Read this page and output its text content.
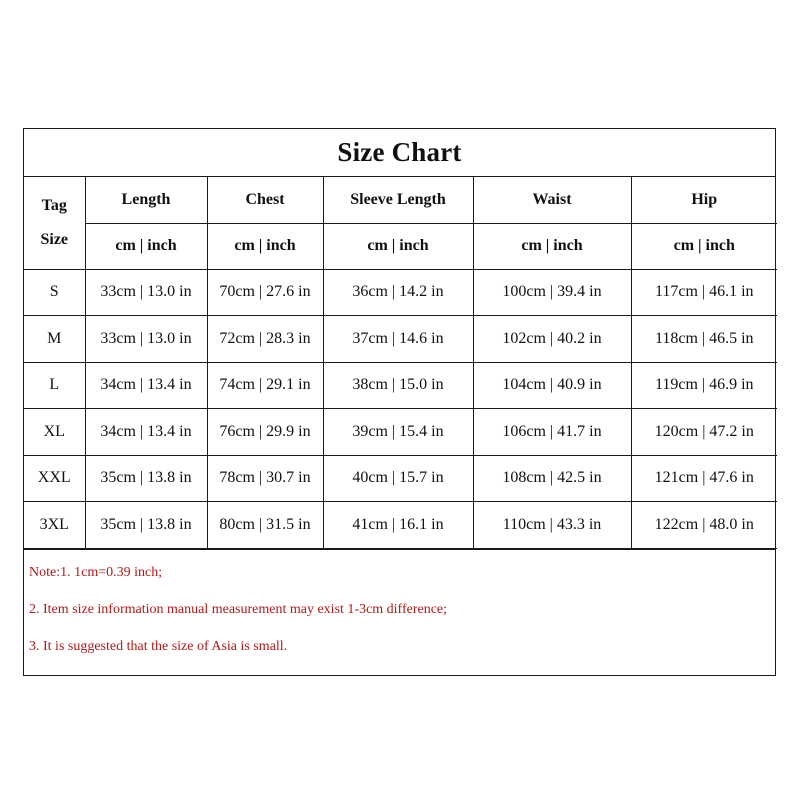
Size Chart
Tag
Size	Length	Chest	Sleeve Length	Waist	Hip
	cm | inch	cm | inch	cm | inch	cm | inch	cm | inch
S	33cm | 13.0 in	70cm | 27.6 in	36cm | 14.2 in	100cm | 39.4 in	117cm | 46.1 in
M	33cm | 13.0 in	72cm | 28.3 in	37cm | 14.6 in	102cm | 40.2 in	118cm | 46.5 in
L	34cm | 13.4 in	74cm | 29.1 in	38cm | 15.0 in	104cm | 40.9 in	119cm | 46.9 in
XL	34cm | 13.4 in	76cm | 29.9 in	39cm | 15.4 in	106cm | 41.7 in	120cm | 47.2 in
XXL	35cm | 13.8 in	78cm | 30.7 in	40cm | 15.7 in	108cm | 42.5 in	121cm | 47.6 in
3XL	35cm | 13.8 in	80cm | 31.5 in	41cm | 16.1 in	110cm | 43.3 in	122cm | 48.0 in
Note:1. 1cm=0.39 inch;
2. Item size information manual measurement may exist 1-3cm difference;
3. It is suggested that the size of Asia is small.
